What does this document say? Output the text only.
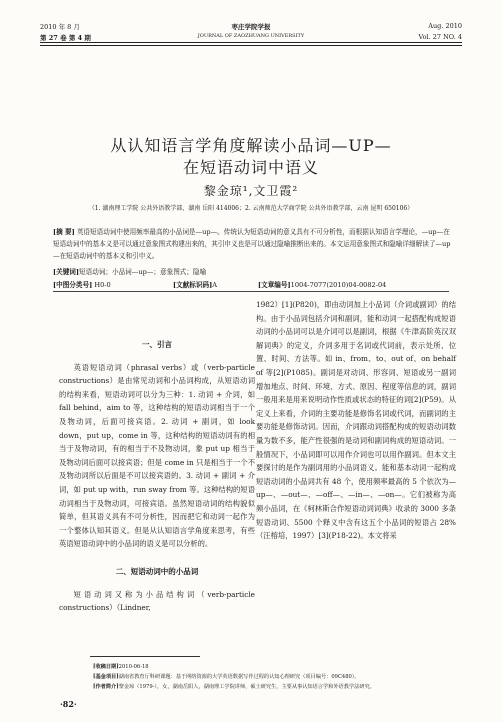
2010 年 8 月
第 27 卷 第 4 期
枣庄学院学报
JOURNAL OF ZAOZHUANG UNIVERSITY
Aug. 2010
Vol. 27 NO. 4
从认知语言学角度解读小品词—UP—
在短语动词中语义
黎金琼¹,文卫霞²
（1. 湖南理工学院 公共外语教学部，湖南 岳阳 414006；2. 云南师范大学商学院 公共外语教学部，云南 昆明 650106）
[摘 要] 英语短语动词中使用频率最高的小品词是—up—。传统认为短语动词的意义具有不可分析性，而根据认知语言学理论，—up—在短语动词中的基本义是可以通过意象图式构建出来的，其引申义也是可以通过隐喻推断出来的。本文运用意象图式和隐喻详细解读了—up—在短语动词中的基本义和引申义。
[关键词]短语动词；小品词—up—；意象图式；隐喻
[中图分类号] H0-0	[文献标识码]A	[文章编号]1004-7077(2010)04-0082-04
一、引言

英语短语动词（phrasal verbs）或（verb-particle constructions）是由常见动词和小品词构成，从短语动词的结构来看，短语动词可以分为三种：1. 动词 + 介词，如 fall behind，aim to 等，这种结构的短语动词相当于一个及物动词，后面可接宾语。2. 动词 + 副词，如 look down，put up，come in 等，这种结构的短语动词有的相当于及物动词，有的相当于不及物动词，象 put up 相当于及物动词后面可以接宾语；但是 come in 只是相当于一个不及物动词所以后面是不可以接宾语的。3. 动词 + 副词 + 介词，如 put up with，run sway from 等。这种结构的短语动词相当于及物动词，可接宾语。虽然短语动词的结构貌似简单，但其语义具有不可分析性，因而把它和动词一起作为一个整体认知其语义。但是从认知语言学角度来思考，有些英语短语动词中的小品词的语义是可以分析的。

二、短语动词中的小品词

短语动词又称为小品结构词（verb-particle constructions）（Lindner,

1982）[1](P820)，即由动词加上小品词（介词或副词）的结构。由于小品词包括介词和副词，能和动词一起搭配构成短语动词的小品词可以是介词可以是副词，根据《牛津高阶英汉双解词典》的定义，介词多用于名词或代词前，表示处所、位置、时间、方法等。如 in、from、to、out of、on behalf of 等[2](P1085)。副词是对动词、形容词、短语或另一副词增加地点、时间、环境、方式、原因、程度等信息的词，副词一般用来是用来说明动作性质或状态的特征的词[2](P59)。从定义上来看，介词的主要功能是修饰名词或代词，而副词的主要功能是修饰动词。因而，介词跟动词搭配构成的短语动词数量为数不多，能产性很强的是动词和副词构成的短语动词。一般情况下，小品词即可以用作介词也可以用作副词。但本文主要探讨的是作为副词用的小品词语义。能和基本动词一起构成短语动词的小品词共有 48 个，使用频率最高的 5 个依次为—up—、—out—、—off—、—in—、—on—。它们被称为高频小品词，在《柯林斯合作短语动词词典》收录的 3000 多条短语动词、5500 个释义中含有这五个小品词的短语占 28%（汪榕培，1997）[3](P18-22)。本文将采

[收稿日期]2010-06-18
[基金项目]湖南省教育厅科研课题：基于网络资源的大学英语数据写作过程的认知心理研究（项目编号：09C480）。
[作者简介]黎金琼（1979-），女，湖南岳阳人，湖南理工学院讲师，硕士研究生，主要从事认知语言学和外语教学法研究。
·82·
